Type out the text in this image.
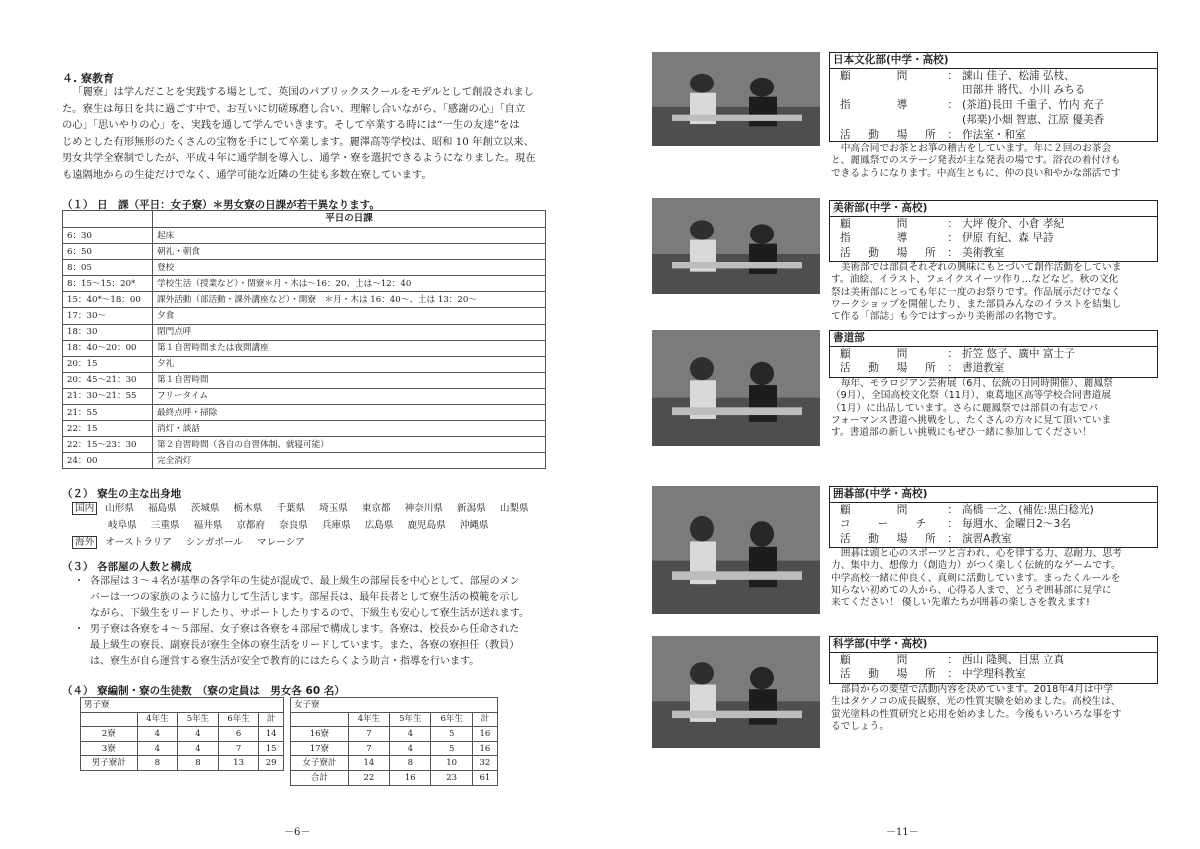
４. 寮教育
「麗寮」は学んだことを実践する場として、英国のパブリックスクールをモデルとして創設されまし
た。寮生は毎日を共に過ごす中で、お互いに切磋琢磨し合い、理解し合いながら、「感謝の心」「自立
の心」「思いやりの心」を、実践を通して学んでいきます。そして卒業する時には“一生の友達”をは
じめとした有形無形のたくさんの宝物を手にして卒業します。麗澤高等学校は、昭和 10 年創立以来、
男女共学全寮制でしたが、平成４年に通学制を導入し、通学・寮を選択できるようになりました。現在
も遠隔地からの生徒だけでなく、通学可能な近隣の生徒も多数在寮しています。
（１） 日　課（平日：女子寮）＊男女寮の日課が若干異なります。
	平日の日課
6：30	起床
6：50	朝礼・朝食
8：05	登校
8：15～15：20*	学校生活（授業など）・閉寮＊月・木は～16：20、土は～12：40
15：40*～18：00	課外活動（部活動・課外講座など）・開寮　＊月・木は 16：40～、土は 13：20～
17：30～	夕食
18：30	閉門点呼
18：40～20：00	第１自習時間または夜間講座
20：15	夕礼
20：45～21：30	第１自習時間
21：30～21：55	フリータイム
21：55	最終点呼・掃除
22：15	消灯・談話
22：15～23：30	第２自習時間（各自の自習体制、就寝可能）
24：00	完全消灯
（２） 寮生の主な出身地
国内 山形県 福島県 茨城県 栃木県 千葉県 埼玉県 東京都 神奈川県 新潟県 山梨県
岐阜県 三重県 福井県 京都府 奈良県 兵庫県 広島県 鹿児島県 沖縄県
海外 オーストラリア シンガポール マレーシア
（３） 各部屋の人数と構成
・ 各部屋は３～４名が基準の各学年の生徒が混成で、最上級生の部屋長を中心として、部屋のメン
バーは一つの家族のように協力して生活します。部屋長は、最年長者として寮生活の模範を示し
ながら、下級生をリードしたり、サポートしたりするので、下級生も安心して寮生活が送れます。
・ 男子寮は各寮を４～５部屋、女子寮は各寮を４部屋で構成します。各寮は、校長から任命された
最上級生の寮長、副寮長が寮生全体の寮生活をリードしています。また、各寮の寮担任（教員）
は、寮生が自ら運営する寮生活が安全で教育的にはたらくよう助言・指導を行います。
（４） 寮編制・寮の生徒数　（寮の定員は　男女各 60 名）
男子寮				
	4年生	5年生	6年生	計
2寮	4	4	6	14
3寮	4	4	7	15
男子寮計	8	8	13	29
女子寮				
	4年生	5年生	6年生	計
16寮	7	4	5	16
17寮	7	4	5	16
女子寮計	14	8	10	32
合計	22	16	23	61
－6－
日本文化部(中学・高校)
顧	問	： 諌山 佳子、松浦 弘枝、
田部井 將代、小川 みちる
指	導	： (茶道)長田 千重子、竹内 充子
(邦楽)小畑 智恵、江原 優美香
活 動 場 所 ： 作法室・和室
中高合同でお茶とお箏の稽古をしています。年に２回のお茶会
と、麗鳳祭でのステージ発表が主な発表の場です。浴衣の着付けも
できるようになります。中高生ともに、仲の良い和やかな部活です
美術部(中学・高校)
顧	問	： 大坪 俊介、小倉 孝紀
指	導	： 伊原 有紀、森 早詩
活 動 場 所 ： 美術教室
美術部では部員それぞれの興味にもとづいて創作活動をしていま
す。油絵、イラスト、フェイクスイーツ作り…などなど。秋の文化
祭は美術部にとっても年に一度のお祭りです。作品展示だけでなく
ワークショップを開催したり、また部員みんなのイラストを結集し
て作る「部誌」も今ではすっかり美術部の名物です。
書道部
顧	問	： 折笠 悠子、廣中 富士子
活 動 場 所 ： 書道教室
毎年、モラロジアン芸術展（6月、伝統の日同時開催）、麗鳳祭
（9月）、全国高校文化祭（11月）、東葛地区高等学校合同書道展
（1月）に出品しています。さらに麗鳳祭では部員の有志でパ
フォーマンス書道へ挑戦をし、たくさんの方々に見て頂いていま
す。書道部の新しい挑戦にもぜひ一緒に参加してください！
囲碁部(中学・高校)
顧	問	： 高橋 一之、(補佐:黒臼稔光)
コ	ー	チ ： 毎週水、金曜日2～3名
活 動 場 所 ： 演習A教室
囲碁は頭と心のスポーツと言われ、心を律する力、忍耐力、思考
力、集中力、想像力（創造力）がつく楽しく伝統的なゲームです。
中学高校一緒に仲良く、真剣に活動しています。まったくルールを
知らない初めての人から、心得る人まで、どうぞ囲碁部に見学に
来てください！ 優しい先輩たちが囲碁の楽しさを教えます!
科学部(中学・高校)
顧	問	： 西山 隆興、目黒 立真
活 動 場 所 ： 中学理科教室
部員からの要望で活動内容を決めています。2018年4月は中学
生はタケノコの成長観察、光の性質実験を始めました。高校生は、
蛍光塗料の性質研究と応用を始めました。今後もいろいろな事をす
るでしょう。
－11－
